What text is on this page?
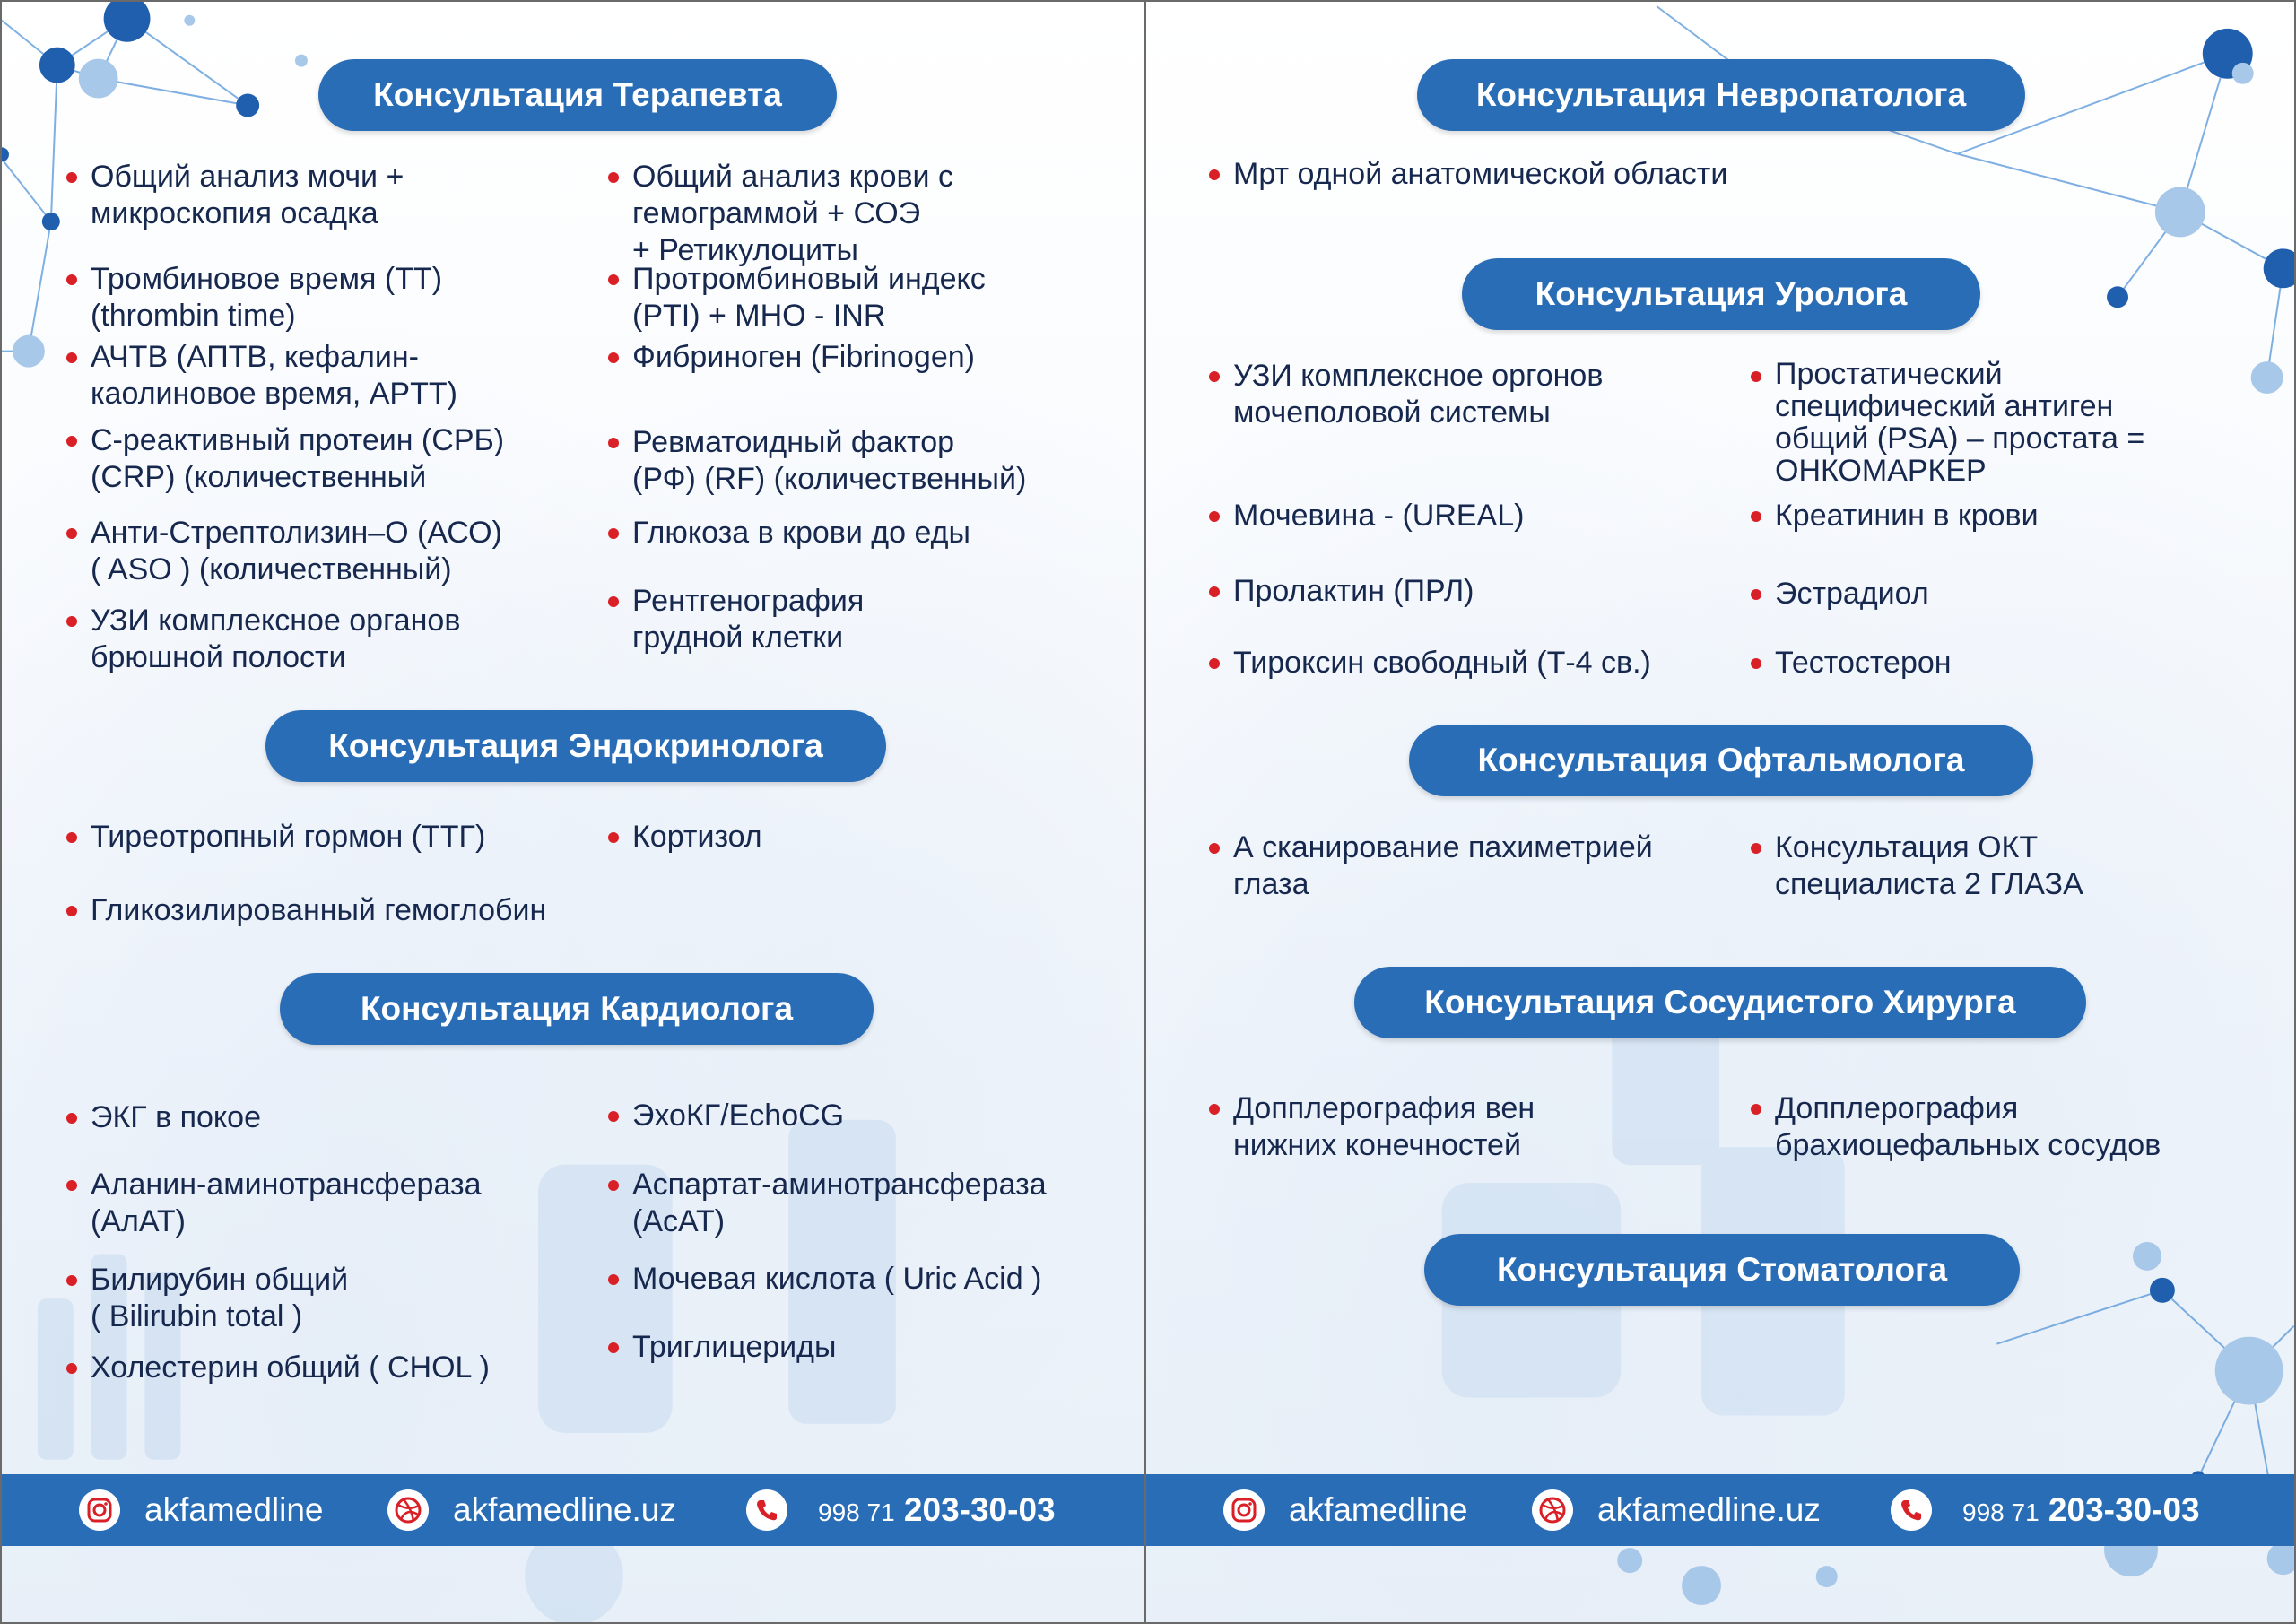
Консультация Терапевта
Общий анализ мочи +
микроскопия осадка
Общий анализ крови с
гемограммой + СОЭ
+ Ретикулоциты
Тромбиновое время (ТТ)
(thrombin time)
Протромбиновый индекс
(PTI) + МНО - INR
АЧТВ (АПТВ, кефалин-
каолиновое время, APTT)
Фибриноген (Fibrinogen)
С-реактивный протеин (СРБ)
(CRP) (количественный
Ревматоидный фактор
(РФ) (RF) (количественный)
Анти-Стрептолизин–О (АСО)
( ASO ) (количественный)
Глюкоза в крови до еды
УЗИ комплексное органов
брюшной полости
Рентгенография
грудной клетки
Консультация Эндокринолога
Тиреотропный гормон (ТТГ)	Кортизол
Гликозилированный гемоглобин
Консультация Кардиолога
ЭКГ в покое	ЭхоКГ/EchoCG
Аланин-аминотрансфераза
(АлАТ)
Аспартат-аминотрансфераза
(АсАТ)
Билирубин общий
( Bilirubin total )
Мочевая кислота ( Uric Acid )
Холестерин общий ( CHOL )
Триглицериды
akfamedline	akfamedline.uz	998 71 203-30-03
Консультация Невропатолога
Мрт одной анатомической области
Консультация Уролога
УЗИ комплексное оргонов
мочеполовой системы
Простатический
специфический антиген
общий (PSA) – простата =
ОНКОМАРКЕР
Мочевина - (UREAL)	Креатинин в крови
Пролактин (ПРЛ)	Эстрадиол
Тироксин свободный (Т-4 св.)	Тестостерон
Консультация Офтальмолога
А сканирование пахиметрией
глаза
Консультация ОКТ
специалиста 2 ГЛАЗА
Консультация Сосудистого Хирурга
Допплерография вен
нижних конечностей
Допплерография
брахиоцефальных сосудов
Консультация Стоматолога
akfamedline	akfamedline.uz	998 71 203-30-03
